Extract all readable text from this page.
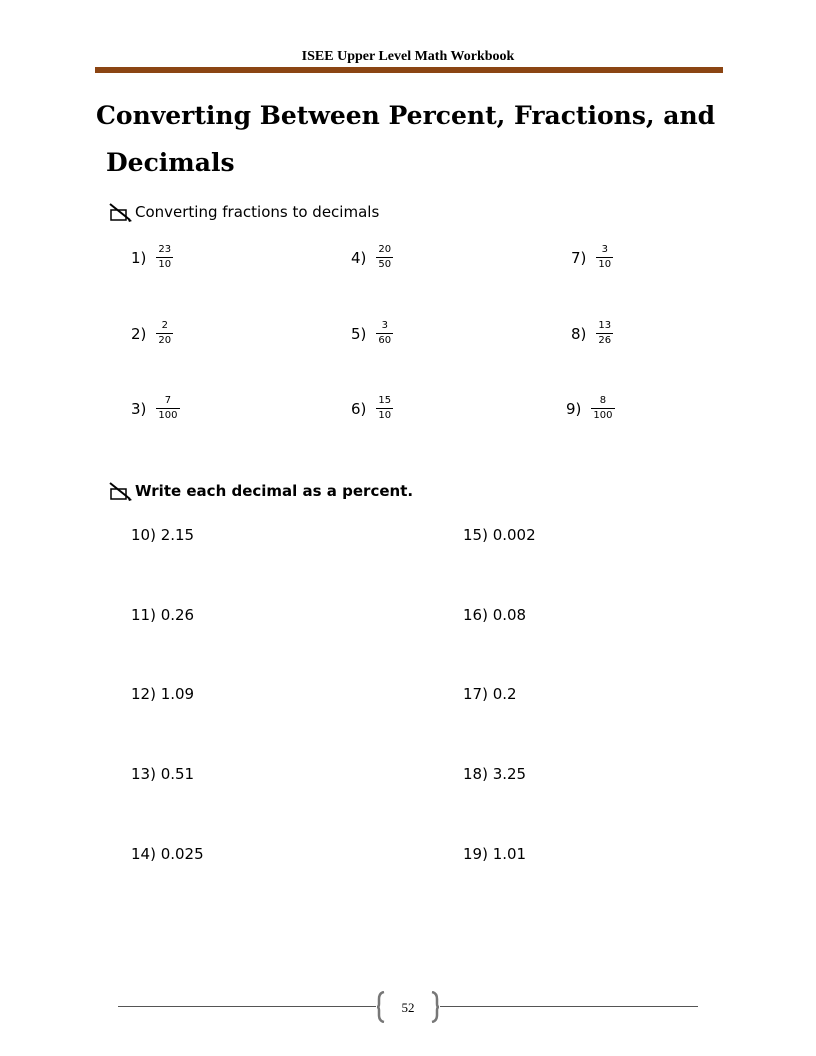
ISEE Upper Level Math Workbook
Converting Between Percent, Fractions, and
Decimals
Converting fractions to decimals
$1) \frac{23}{10}$
$2) \frac{2}{20}$
$3) \frac{7}{100}$
$4) \frac{20}{50}$
$5) \frac{3}{60}$
$6) \frac{15}{10}$
$7) \frac{3}{10}$
$8) \frac{13}{26}$
$9) \frac{8}{100}$
Write each decimal as a percent.
10) 2.15
11) 0.26
12) 1.09
13) 0.51
14) 0.025
15) 0.002
16) 0.08
17) 0.2
18) 3.25
19) 1.01
52
